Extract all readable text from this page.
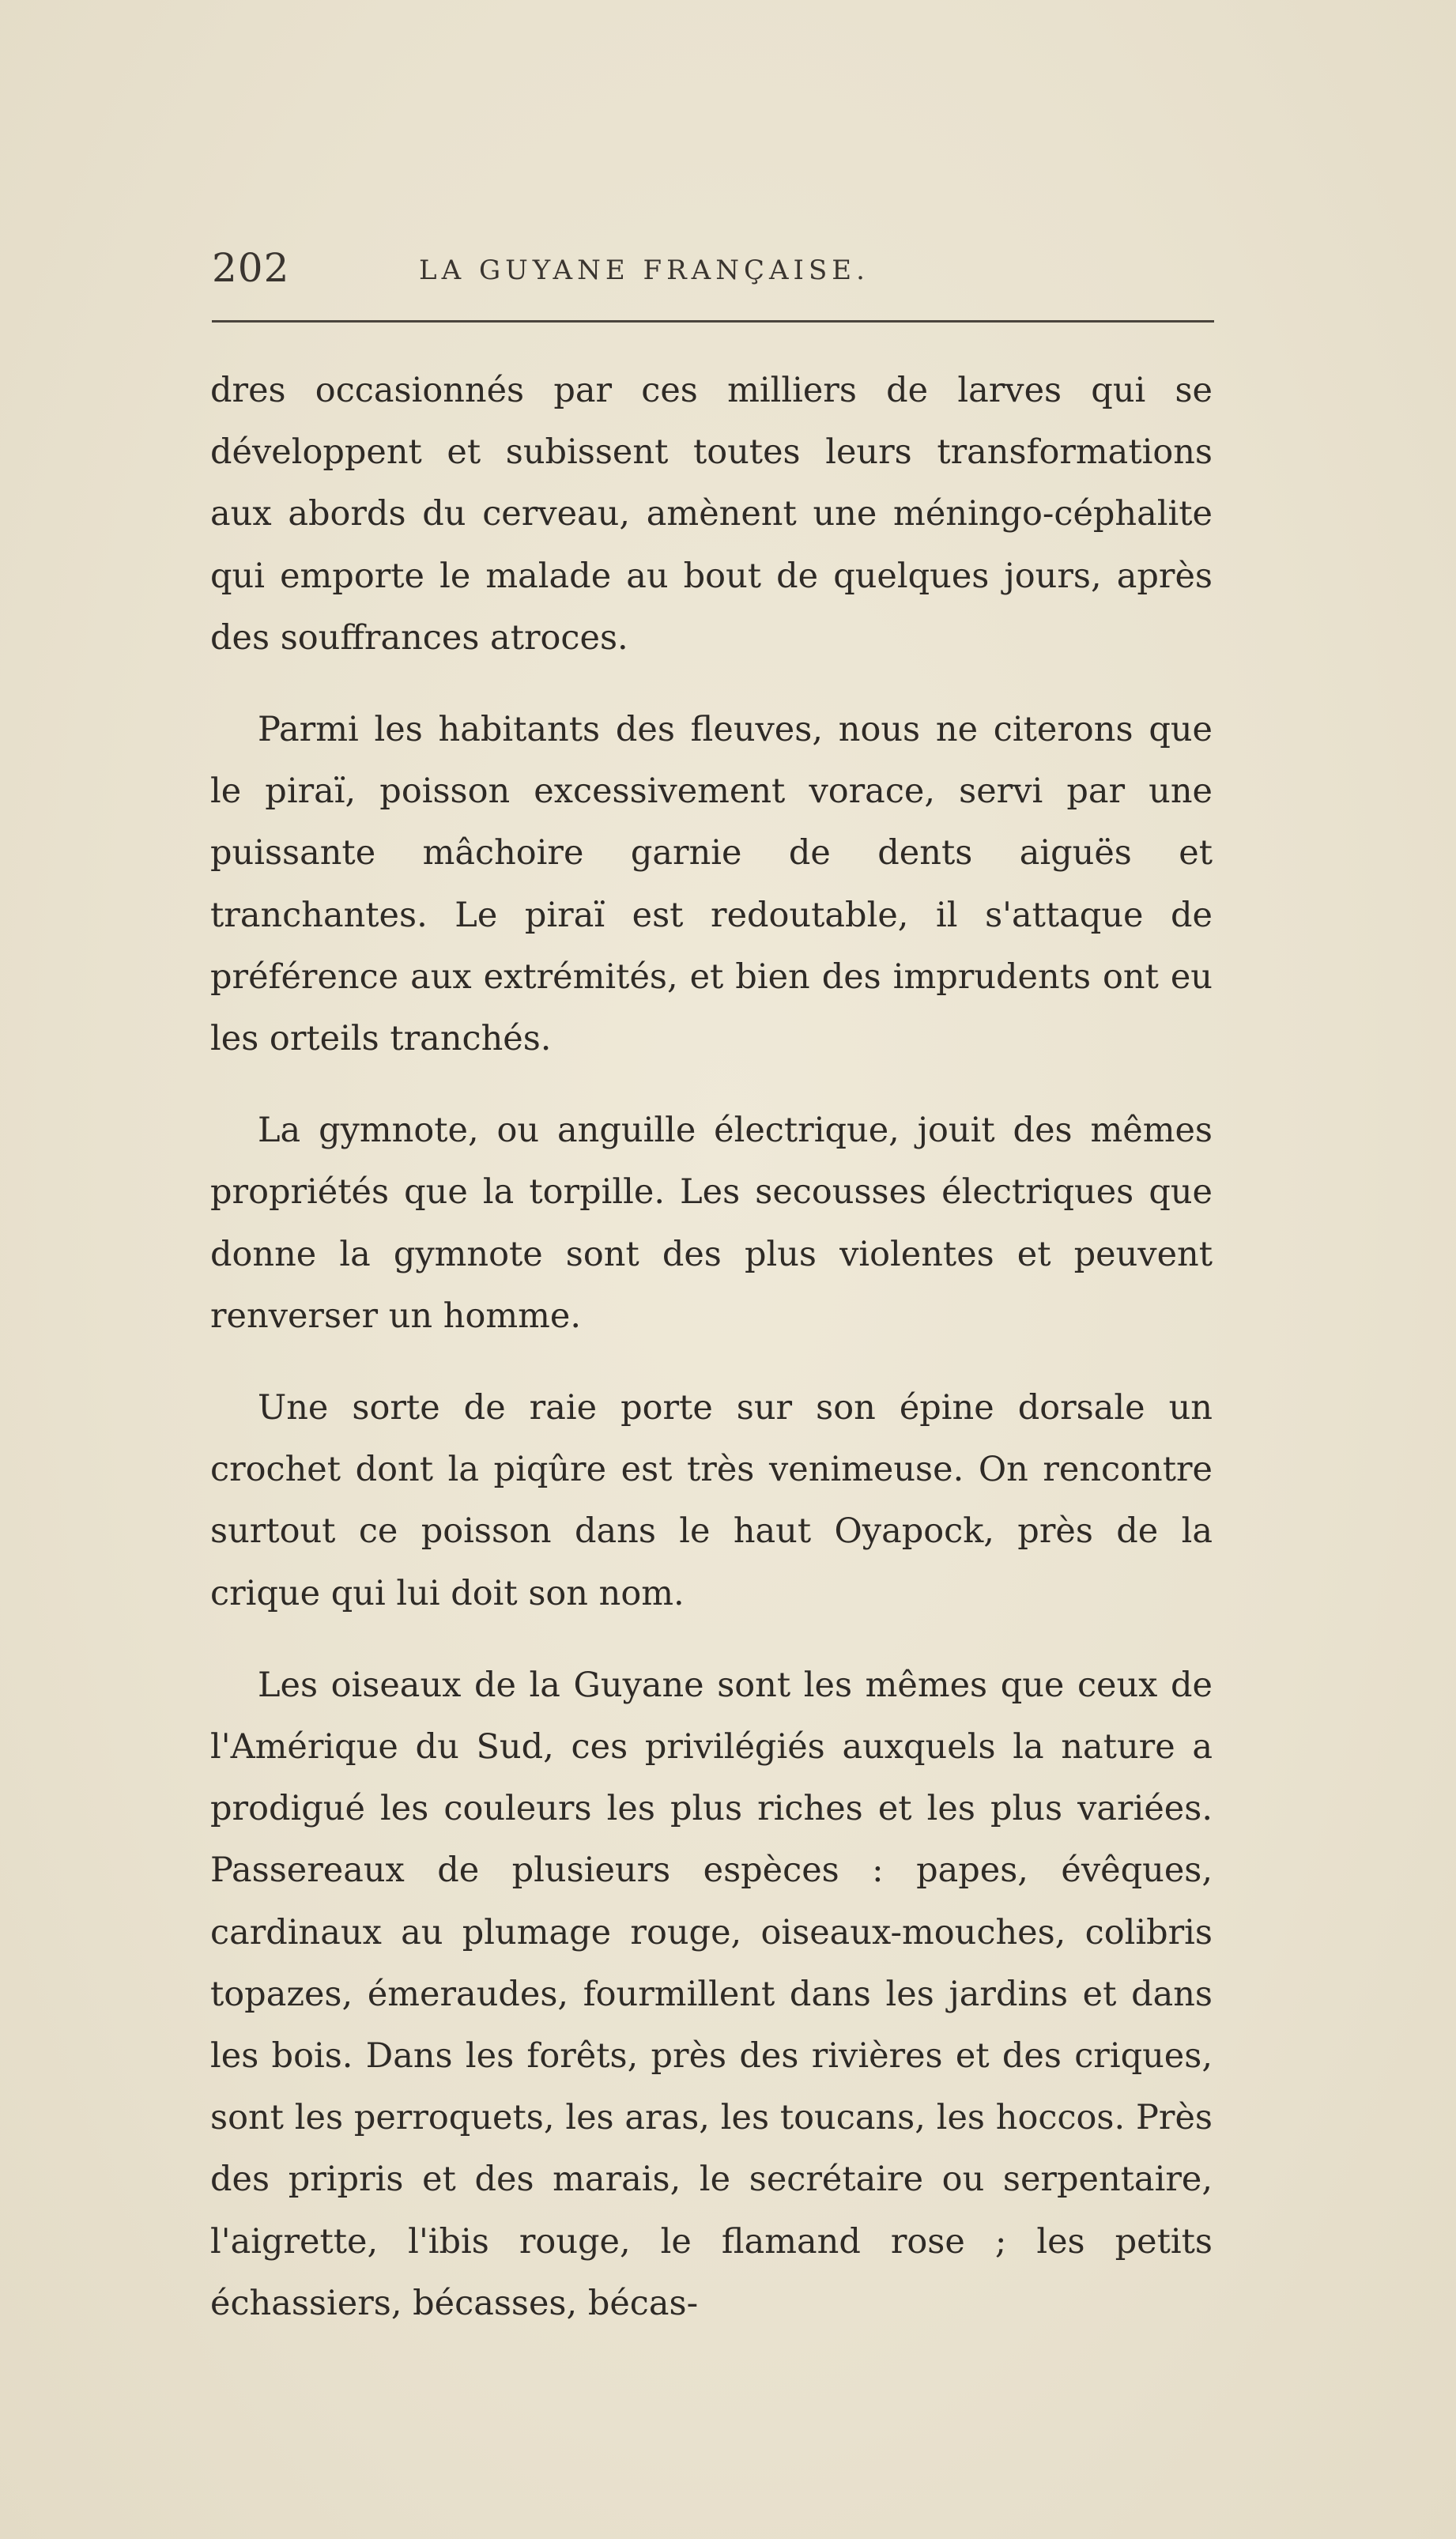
202	LA GUYANE FRANÇAISE.

dres occasionnés par ces milliers de larves qui se développent et subissent toutes leurs transformations aux abords du cerveau, amènent une méningo-céphalite qui emporte le malade au bout de quelques jours, après des souffrances atroces.

Parmi les habitants des fleuves, nous ne citerons que le piraï, poisson excessivement vorace, servi par une puissante mâchoire garnie de dents aiguës et tranchantes. Le piraï est redoutable, il s'attaque de préférence aux extrémités, et bien des imprudents ont eu les orteils tranchés.

La gymnote, ou anguille électrique, jouit des mêmes propriétés que la torpille. Les secousses électriques que donne la gymnote sont des plus violentes et peuvent renverser un homme.

Une sorte de raie porte sur son épine dorsale un crochet dont la piqûre est très venimeuse. On rencontre surtout ce poisson dans le haut Oyapock, près de la crique qui lui doit son nom.

Les oiseaux de la Guyane sont les mêmes que ceux de l'Amérique du Sud, ces privilégiés auxquels la nature a prodigué les couleurs les plus riches et les plus variées. Passereaux de plusieurs espèces : papes, évêques, cardinaux au plumage rouge, oiseaux-mouches, colibris topazes, émeraudes, fourmillent dans les jardins et dans les bois. Dans les forêts, près des rivières et des criques, sont les perroquets, les aras, les toucans, les hoccos. Près des pripris et des marais, le secrétaire ou serpentaire, l'aigrette, l'ibis rouge, le flamand rose ; les petits échassiers, bécasses, bécas-
